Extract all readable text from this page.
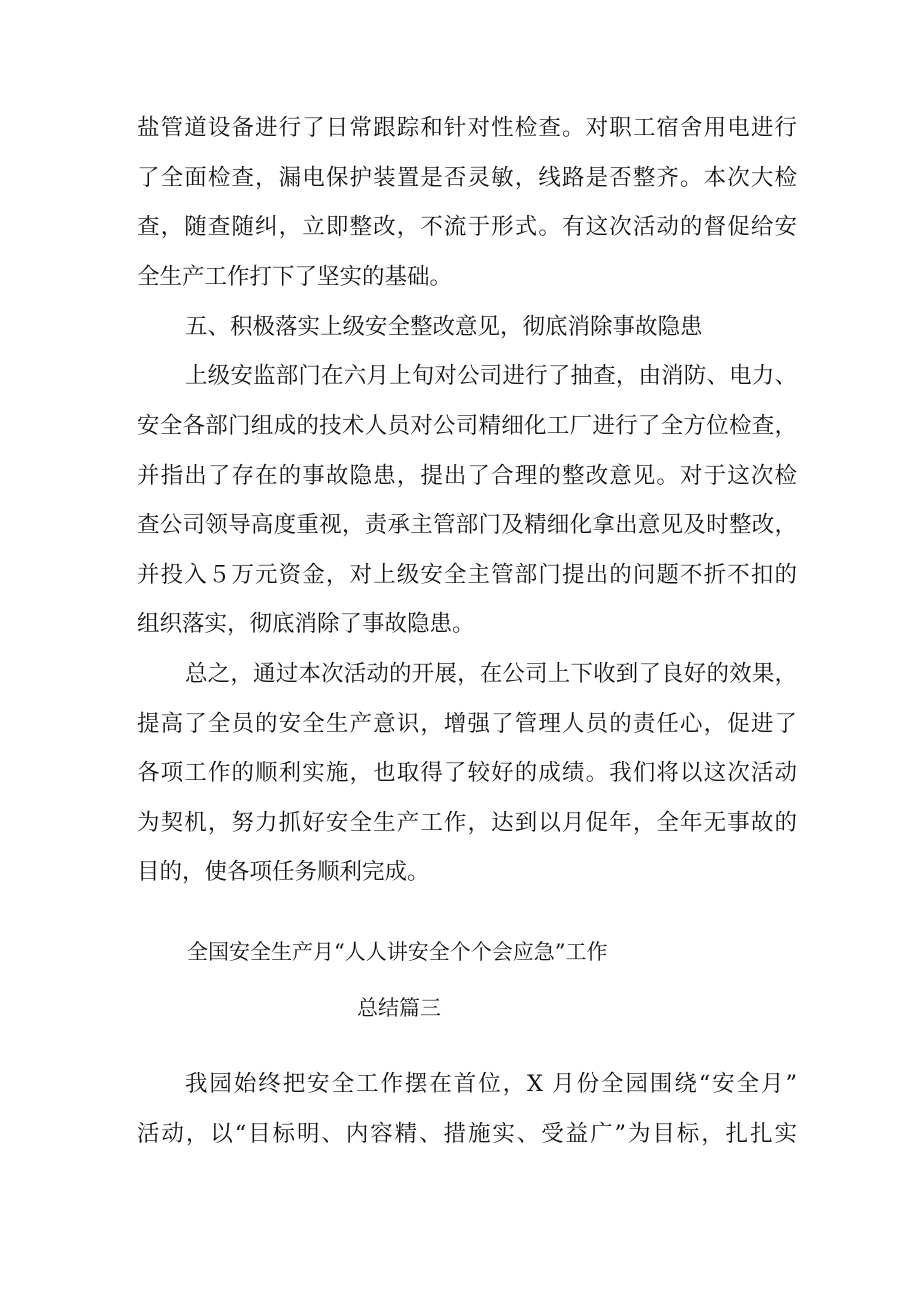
盐管道设备进行了日常跟踪和针对性检查。对职工宿舍用电进行
了全面检查，漏电保护装置是否灵敏，线路是否整齐。本次大检
查，随查随纠，立即整改，不流于形式。有这次活动的督促给安
全生产工作打下了坚实的基础。
五、积极落实上级安全整改意见，彻底消除事故隐患
上级安监部门在六月上旬对公司进行了抽查，由消防、电力、
安全各部门组成的技术人员对公司精细化工厂进行了全方位检查，
并指出了存在的事故隐患，提出了合理的整改意见。对于这次检
查公司领导高度重视，责承主管部门及精细化拿出意见及时整改，
并投入５万元资金，对上级安全主管部门提出的问题不折不扣的
组织落实，彻底消除了事故隐患。
总之，通过本次活动的开展，在公司上下收到了良好的效果，
提高了全员的安全生产意识，增强了管理人员的责任心，促进了
各项工作的顺利实施，也取得了较好的成绩。我们将以这次活动
为契机，努力抓好安全生产工作，达到以月促年，全年无事故的
目的，使各项任务顺利完成。
全国安全生产月“人人讲安全个个会应急”工作
总结篇三
我园始终把安全工作摆在首位，X 月份全园围绕“安全月”
活动，以“目标明、内容精、措施实、受益广”为目标，扎扎实
